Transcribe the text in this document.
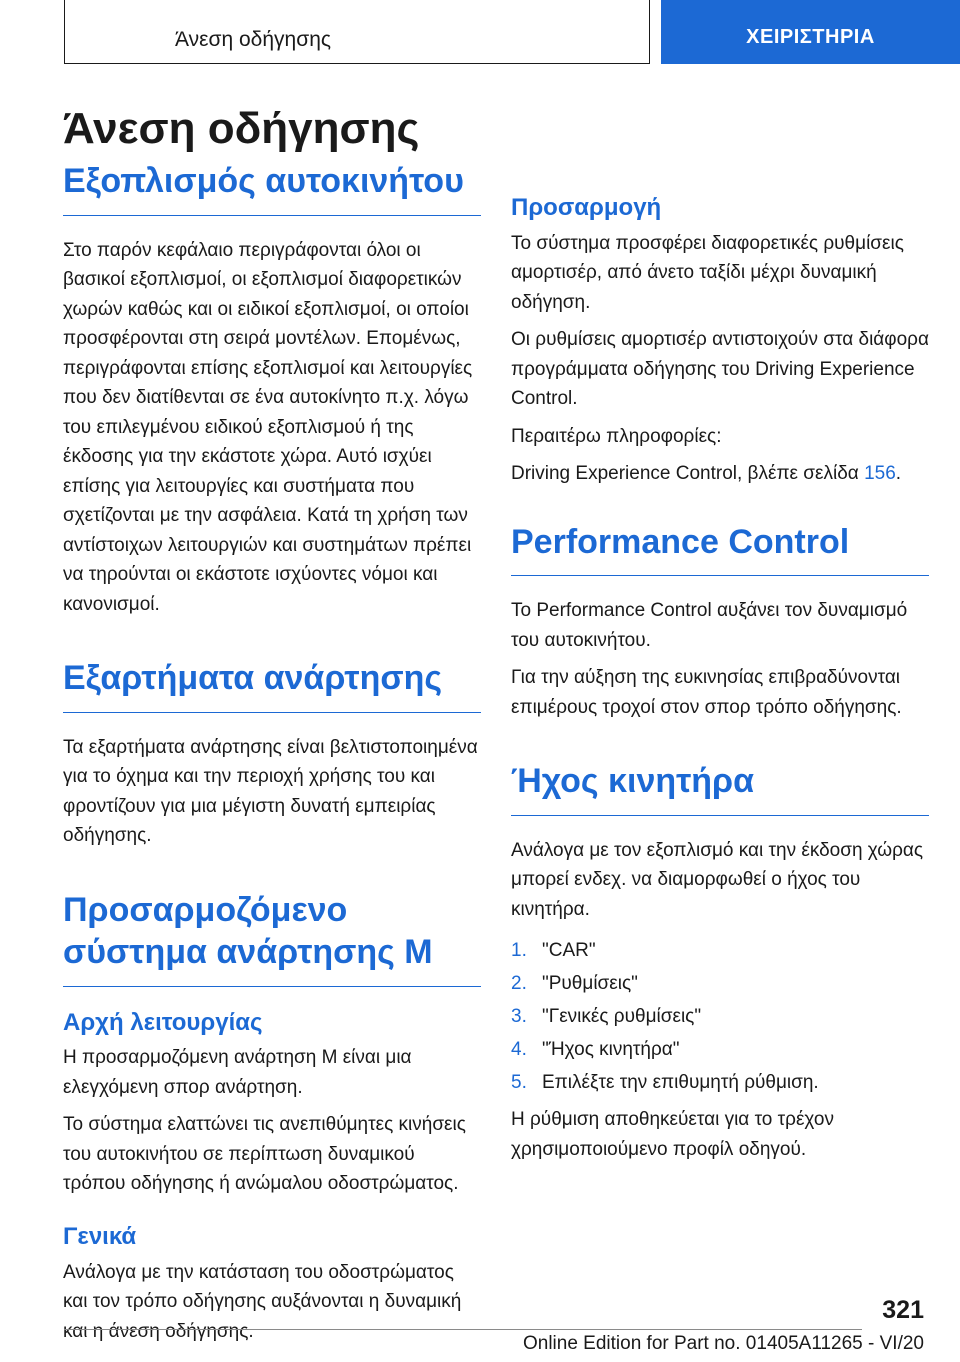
Άνεση οδήγησης	ΧΕΙΡΙΣΤΗΡΙΑ
Άνεση οδήγησης
Εξοπλισμός αυτοκινήτου

Στο παρόν κεφάλαιο περιγράφονται όλοι οι βασικοί εξοπλισμοί, οι εξοπλισμοί διαφορετικών χωρών καθώς και οι ειδικοί εξοπλισμοί, οι οποίοι προσφέρονται στη σειρά μοντέλων. Επομένως, περιγράφονται επίσης εξοπλισμοί και λειτουργίες που δεν διατίθενται σε ένα αυτοκίνητο π.χ. λόγω του επιλεγμένου ειδικού εξοπλισμού ή της έκδοσης για την εκάστοτε χώρα. Αυτό ισχύει επίσης για λειτουργίες και συστήματα που σχετίζονται με την ασφάλεια. Κατά τη χρήση των αντίστοιχων λειτουργιών και συστημάτων πρέπει να τηρούνται οι εκάστοτε ισχύοντες νόμοι και κανονισμοί.

Εξαρτήματα ανάρτησης

Τα εξαρτήματα ανάρτησης είναι βελτιστοποιημένα για το όχημα και την περιοχή χρήσης του και φροντίζουν για μια μέγιστη δυνατή εμπειρίας οδήγησης.

Προσαρμοζόμενο σύστημα ανάρτησης M
Αρχή λειτουργίας

Η προσαρμοζόμενη ανάρτηση M είναι μια ελεγχόμενη σπορ ανάρτηση.

Το σύστημα ελαττώνει τις ανεπιθύμητες κινήσεις του αυτοκινήτου σε περίπτωση δυναμικού τρόπου οδήγησης ή ανώμαλου οδοστρώματος.

Γενικά

Ανάλογα με την κατάσταση του οδοστρώματος και τον τρόπο οδήγησης αυξάνονται η δυναμική και η άνεση οδήγησης.

Προσαρμογή

Το σύστημα προσφέρει διαφορετικές ρυθμίσεις αμορτισέρ, από άνετο ταξίδι μέχρι δυναμική οδήγηση.

Οι ρυθμίσεις αμορτισέρ αντιστοιχούν στα διάφορα προγράμματα οδήγησης του Driving Experience Control.

Περαιτέρω πληροφορίες:

Driving Experience Control, βλέπε σελίδα 156.

Performance Control

Το Performance Control αυξάνει τον δυναμισμό του αυτοκινήτου.

Για την αύξηση της ευκινησίας επιβραδύνονται επιμέρους τροχοί στον σπορ τρόπο οδήγησης.

Ήχος κινητήρα

Ανάλογα με τον εξοπλισμό και την έκδοση χώρας μπορεί ενδεχ. να διαμορφωθεί ο ήχος του κινητήρα.

1. "CAR"
2. "Ρυθμίσεις"
3. "Γενικές ρυθμίσεις"
4. "Ήχος κινητήρα"
5. Επιλέξτε την επιθυμητή ρύθμιση.

Η ρύθμιση αποθηκεύεται για το τρέχον χρησιμοποιούμενο προφίλ οδηγού.

321
Online Edition for Part no. 01405A11265 - VI/20
